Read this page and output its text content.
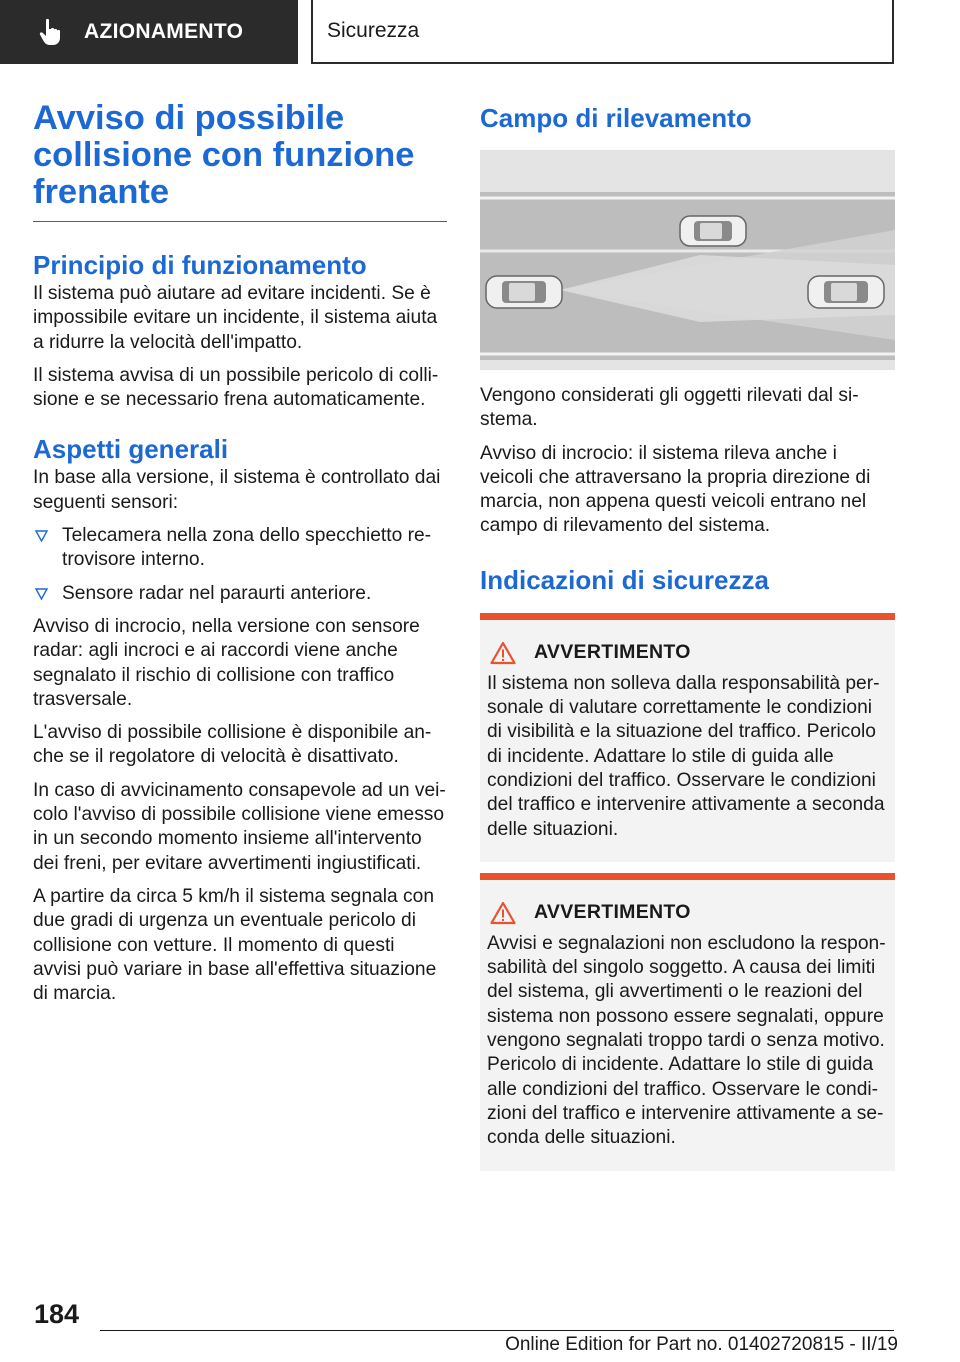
AZIONAMENTO	Sicurezza
Avviso di possibile collisione con funzione frenante
Principio di funzionamento

Il sistema può aiutare ad evitare incidenti. Se è impossibile evitare un incidente, il sistema aiuta a ridurre la velocità dell'impatto.

Il sistema avvisa di un possibile pericolo di collisione e se necessario frena automaticamente.

Aspetti generali

In base alla versione, il sistema è controllato dai seguenti sensori:

Telecamera nella zona dello specchietto retrovisore interno.
Sensore radar nel paraurti anteriore.

Avviso di incrocio, nella versione con sensore radar: agli incroci e ai raccordi viene anche segnalato il rischio di collisione con traffico trasversale.

L'avviso di possibile collisione è disponibile anche se il regolatore di velocità è disattivato.

In caso di avvicinamento consapevole ad un veicolo l'avviso di possibile collisione viene emesso in un secondo momento insieme all'intervento dei freni, per evitare avvertimenti ingiustificati.

A partire da circa 5 km/h il sistema segnala con due gradi di urgenza un eventuale pericolo di collisione con vetture. Il momento di questi avvisi può variare in base all'effettiva situazione di marcia.

Campo di rilevamento

Vengono considerati gli oggetti rilevati dal sistema.

Avviso di incrocio: il sistema rileva anche i veicoli che attraversano la propria direzione di marcia, non appena questi veicoli entrano nel campo di rilevamento del sistema.

Indicazioni di sicurezza
AVVERTIMENTO

Il sistema non solleva dalla responsabilità personale di valutare correttamente le condizioni di visibilità e la situazione del traffico. Pericolo di incidente. Adattare lo stile di guida alle condizioni del traffico. Osservare le condizioni del traffico e intervenire attivamente a seconda delle situazioni.

AVVERTIMENTO

Avvisi e segnalazioni non escludono la responsabilità del singolo soggetto. A causa dei limiti del sistema, gli avvertimenti o le reazioni del sistema non possono essere segnalati, oppure vengono segnalati troppo tardi o senza motivo. Pericolo di incidente. Adattare lo stile di guida alle condizioni del traffico. Osservare le condizioni del traffico e intervenire attivamente a seconda delle situazioni.

184
Online Edition for Part no. 01402720815 - II/19
